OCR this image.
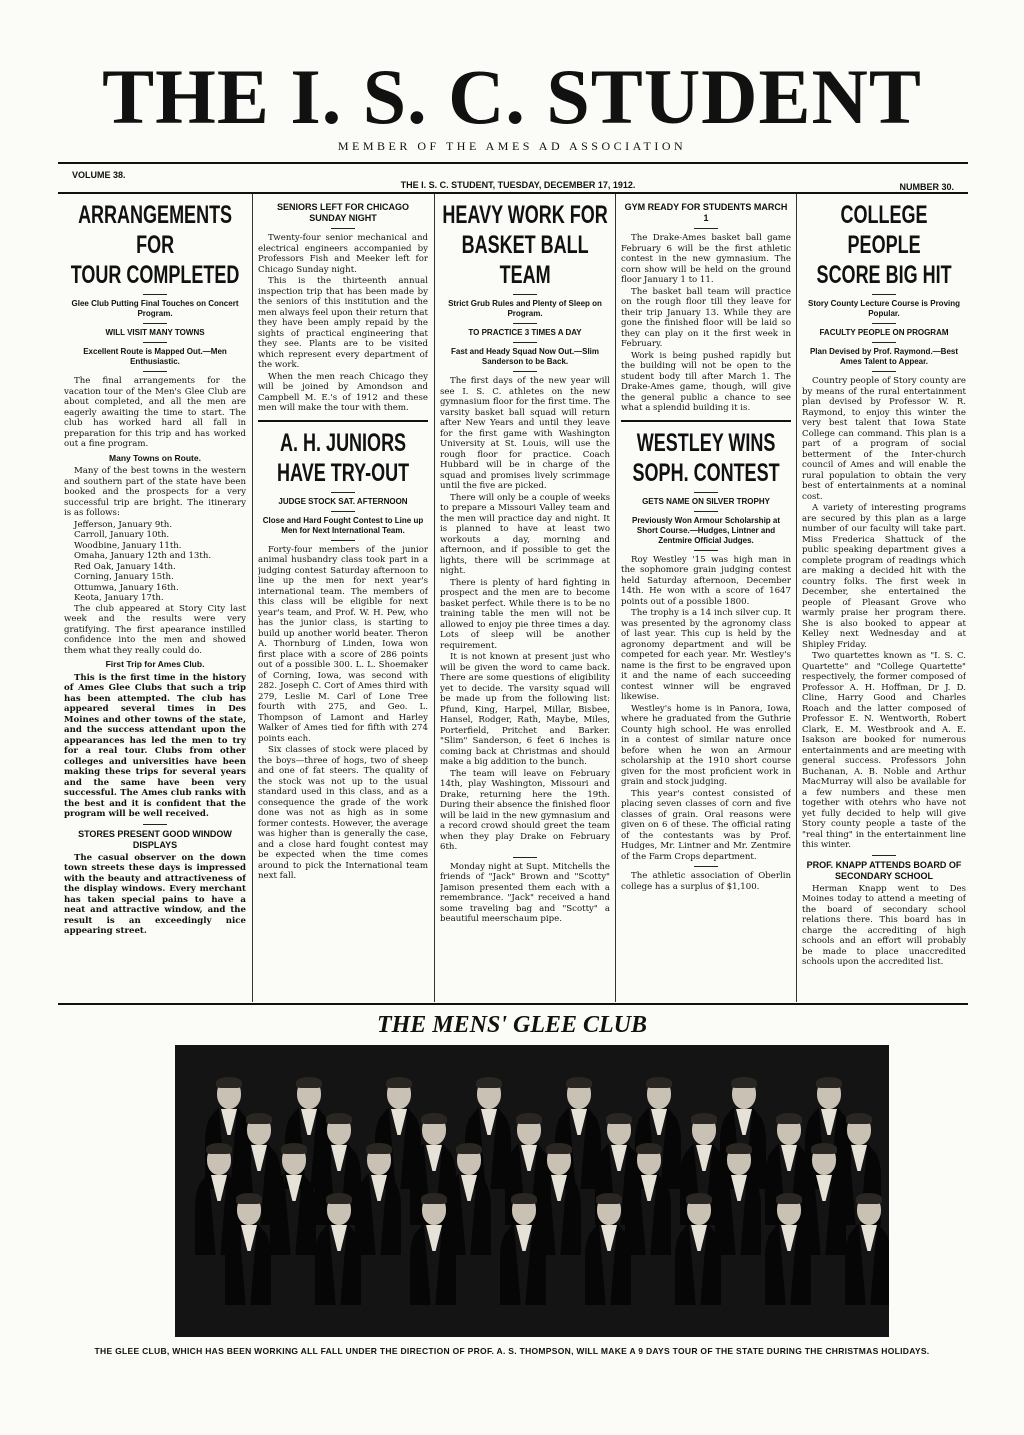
THE I. S. C. STUDENT
MEMBER OF THE AMES AD ASSOCIATION
VOLUME 38.
THE I. S. C. STUDENT, TUESDAY, DECEMBER 17, 1912.	NUMBER 30.
ARRANGEMENTS FOR
TOUR COMPLETED
Glee Club Putting Final Touches on Concert Program.
WILL VISIT MANY TOWNS
Excellent Route is Mapped Out.—Men Enthusiastic.

The final arrangements for the vacation tour of the Men's Glee Club are about completed, and all the men are eagerly awaiting the time to start. The club has worked hard all fall in preparation for this trip and has worked out a fine program.

Many Towns on Route.

Many of the best towns in the western and southern part of the state have been booked and the prospects for a very successful trip are bright. The itinerary is as follows:

Jefferson, January 9th.
Carroll, January 10th.
Woodbine, January 11th.
Omaha, January 12th and 13th.
Red Oak, January 14th.
Corning, January 15th.
Ottumwa, January 16th.
Keota, January 17th.

The club appeared at Story City last week and the results were very gratifying. The first apearance instilled confidence into the men and showed them what they really could do.

First Trip for Ames Club.

This is the first time in the history of Ames Glee Clubs that such a trip has been attempted. The club has appeared several times in Des Moines and other towns of the state, and the success attendant upon the appearances has led the men to try for a real tour. Clubs from other colleges and universities have been making these trips for several years and the same have been very successful. The Ames club ranks with the best and it is confident that the program will be well received.

STORES PRESENT GOOD WINDOW DISPLAYS

The casual observer on the down town streets these days is impressed with the beauty and attractiveness of the display windows. Every merchant has taken special pains to have a neat and attractive window, and the result is an exceedingly nice appearing street.

SENIORS LEFT FOR CHICAGO SUNDAY NIGHT

Twenty-four senior mechanical and electrical engineers accompanied by Professors Fish and Meeker left for Chicago Sunday night.

This is the thirteenth annual inspection trip that has been made by the seniors of this institution and the men always feel upon their return that they have been amply repaid by the sights of practical engineering that they see. Plants are to be visited which represent every department of the work.

When the men reach Chicago they will be joined by Amondson and Campbell M. E.'s of 1912 and these men will make the tour with them.

A. H. JUNIORS
HAVE TRY-OUT
JUDGE STOCK SAT. AFTERNOON
Close and Hard Fought Contest to Line up Men for Next International Team.

Forty-four members of the junior animal husbandry class took part in a judging contest Saturday afternoon to line up the men for next year's international team. The members of this class will be eligible for next year's team, and Prof. W. H. Pew, who has the junior class, is starting to build up another world beater. Theron A. Thornburg of Linden, Iowa won first place with a score of 286 points out of a possible 300. L. L. Shoemaker of Corning, Iowa, was second with 282. Joseph C. Cort of Ames third with 279, Leslie M. Carl of Lone Tree fourth with 275, and Geo. L. Thompson of Lamont and Harley Walker of Ames tied for fifth with 274 points each.

Six classes of stock were placed by the boys—three of hogs, two of sheep and one of fat steers. The quality of the stock was not up to the usual standard used in this class, and as a consequence the grade of the work done was not as high as in some former contests. However, the average was higher than is generally the case, and a close hard fought contest may be expected when the time comes around to pick the International team next fall.

HEAVY WORK FOR
BASKET BALL TEAM
Strict Grub Rules and Plenty of Sleep on Program.
TO PRACTICE 3 TIMES A DAY
Fast and Heady Squad Now Out.—Slim Sanderson to be Back.

The first days of the new year will see I. S. C. athletes on the new gymnasium floor for the first time. The varsity basket ball squad will return after New Years and until they leave for the first game with Washington University at St. Louis, will use the rough floor for practice. Coach Hubbard will be in charge of the squad and promises lively scrimmage until the five are picked.

There will only be a couple of weeks to prepare a Missouri Valley team and the men will practice day and night. It is planned to have at least two workouts a day, morning and afternoon, and if possible to get the lights, there will be scrimmage at night.

There is plenty of hard fighting in prospect and the men are to become basket perfect. While there is to be no training table the men will not be allowed to enjoy pie three times a day. Lots of sleep will be another requirement.

It is not known at present just who will be given the word to came back. There are some questions of eligibility yet to decide. The varsity squad will be made up from the following list: Pfund, King, Harpel, Millar, Bisbee, Hansel, Rodger, Rath, Maybe, Miles, Porterfield, Pritchet and Barker. "Slim" Sanderson, 6 feet 6 inches is coming back at Christmas and should make a big addition to the bunch.

The team will leave on February 14th, play Washington, Missouri and Drake, returning here the 19th. During their absence the finished floor will be laid in the new gymnasium and a record crowd should greet the team when they play Drake on February 6th.

Monday night at Supt. Mitchells the friends of "Jack" Brown and "Scotty" Jamison presented them each with a remembrance. "Jack" received a hand some traveling bag and "Scotty" a beautiful meerschaum pipe.

GYM READY FOR STUDENTS MARCH 1

The Drake-Ames basket ball game February 6 will be the first athletic contest in the new gymnasium. The corn show will be held on the ground floor January 1 to 11.

The basket ball team will practice on the rough floor till they leave for their trip January 13. While they are gone the finished floor will be laid so they can play on it the first week in February.

Work is being pushed rapidly but the building will not be open to the student body till after March 1. The Drake-Ames game, though, will give the general public a chance to see what a splendid building it is.

WESTLEY WINS
SOPH. CONTEST
GETS NAME ON SILVER TROPHY
Previously Won Armour Scholarship at Short Course.—Hudges, Lintner and Zentmire Official Judges.

Roy Westley '15 was high man in the sophomore grain judging contest held Saturday afternoon, December 14th. He won with a score of 1647 points out of a possible 1800.

The trophy is a 14 inch silver cup. It was presented by the agronomy class of last year. This cup is held by the agronomy department and will be competed for each year. Mr. Westley's name is the first to be engraved upon it and the name of each succeeding contest winner will be engraved likewise.

Westley's home is in Panora, Iowa, where he graduated from the Guthrie County high school. He was enrolled in a contest of similar nature once before when he won an Armour scholarship at the 1910 short course given for the most proficient work in grain and stock judging.

This year's contest consisted of placing seven classes of corn and five classes of grain. Oral reasons were given on 6 of these. The official rating of the contestants was by Prof. Hudges, Mr. Lintner and Mr. Zentmire of the Farm Crops department.

The athletic association of Oberlin college has a surplus of $1,100.

COLLEGE PEOPLE
SCORE BIG HIT
Story County Lecture Course is Proving Popular.
FACULTY PEOPLE ON PROGRAM
Plan Devised by Prof. Raymond.—Best Ames Talent to Appear.

Country people of Story county are by means of the rural entertainment plan devised by Professor W. R. Raymond, to enjoy this winter the very best talent that Iowa State College can command. This plan is a part of a program of social betterment of the Inter-church council of Ames and will enable the rural population to obtain the very best of entertainments at a nominal cost.

A variety of interesting programs are secured by this plan as a large number of our faculty will take part. Miss Frederica Shattuck of the public speaking department gives a complete program of readings which are making a decided hit with the country folks. The first week in December, she entertained the people of Pleasant Grove who warmly praise her program there. She is also booked to appear at Kelley next Wednesday and at Shipley Friday.

Two quartettes known as "I. S. C. Quartette" and "College Quartette" respectively, the former composed of Professor A. H. Hoffman, Dr J. D. Cline, Harry Good and Charles Roach and the latter composed of Professor E. N. Wentworth, Robert Clark, E. M. Westbrook and A. E. Isakson are booked for numerous entertainments and are meeting with general success. Professors John Buchanan, A. B. Noble and Arthur MacMurray will also be available for a few numbers and these men together with otehrs who have not yet fully decided to help will give Story county people a taste of the "real thing" in the entertainment line this winter.

PROF. KNAPP ATTENDS BOARD OF SECONDARY SCHOOL

Herman Knapp went to Des Moines today to attend a meeting of the board of secondary school relations there. This board has in charge the accrediting of high schools and an effort will probably be made to place unaccredited schools upon the accredited list.

THE MENS' GLEE CLUB
THE GLEE CLUB, WHICH HAS BEEN WORKING ALL FALL UNDER THE DIRECTION OF PROF. A. S. THOMPSON, WILL MAKE A 9 DAYS TOUR OF THE STATE DURING THE CHRISTMAS HOLIDAYS.
